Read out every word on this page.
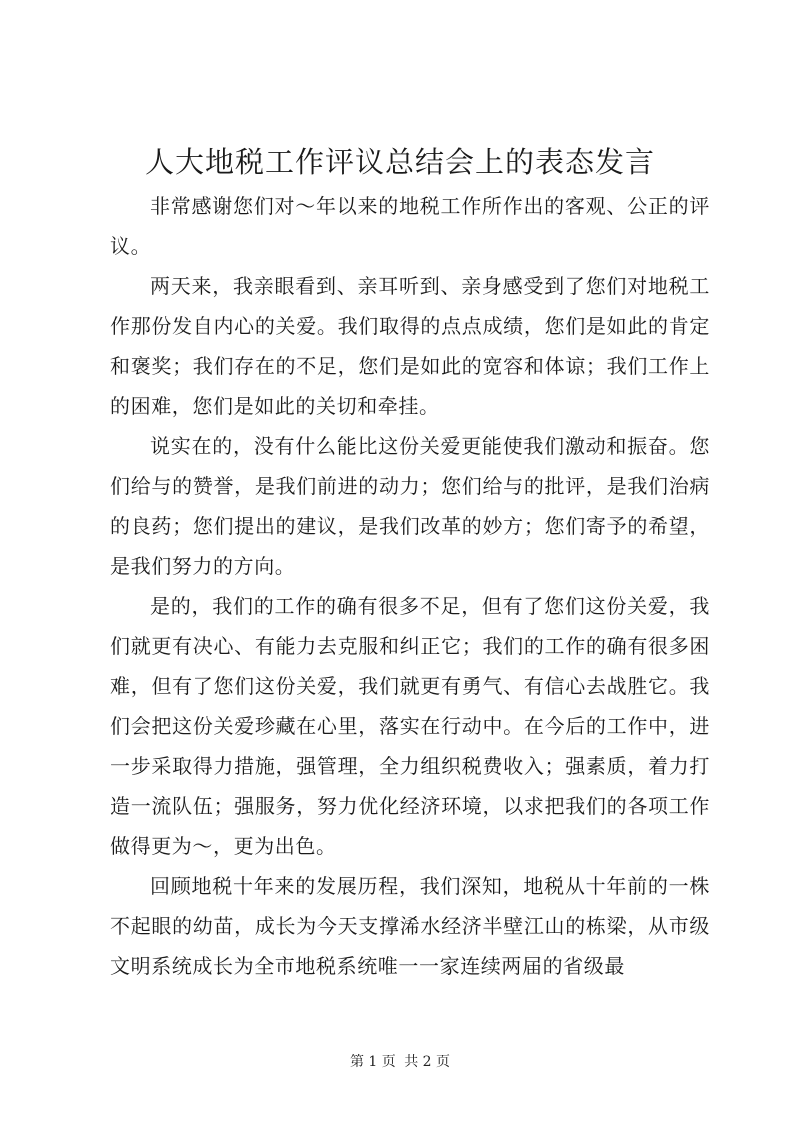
人大地税工作评议总结会上的表态发言

非常感谢您们对～年以来的地税工作所作出的客观、公正的评议。

两天来，我亲眼看到、亲耳听到、亲身感受到了您们对地税工作那份发自内心的关爱。我们取得的点点成绩，您们是如此的肯定和褒奖；我们存在的不足，您们是如此的宽容和体谅；我们工作上的困难，您们是如此的关切和牵挂。

说实在的，没有什么能比这份关爱更能使我们激动和振奋。您们给与的赞誉，是我们前进的动力；您们给与的批评，是我们治病的良药；您们提出的建议，是我们改革的妙方；您们寄予的希望，是我们努力的方向。

是的，我们的工作的确有很多不足，但有了您们这份关爱，我们就更有决心、有能力去克服和纠正它；我们的工作的确有很多困难，但有了您们这份关爱，我们就更有勇气、有信心去战胜它。我们会把这份关爱珍藏在心里，落实在行动中。在今后的工作中，进一步采取得力措施，强管理，全力组织税费收入；强素质，着力打造一流队伍；强服务，努力优化经济环境，以求把我们的各项工作做得更为～，更为出色。

回顾地税十年来的发展历程，我们深知，地税从十年前的一株不起眼的幼苗，成长为今天支撑浠水经济半壁江山的栋梁，从市级文明系统成长为全市地税系统唯一一家连续两届的省级最

第 1 页 共 2 页
